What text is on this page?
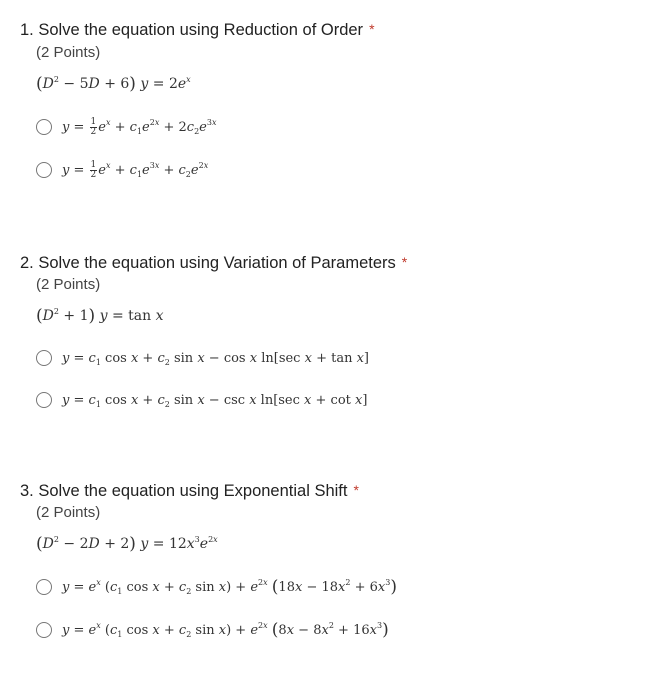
1. Solve the equation using Reduction of Order *
(2 Points)
$(D^2 - 5D + 6) y = 2e^x$
$y = \frac{1}{2} e^x + c_1e^{2x} + 2c_2e^{3x}$
$y = \frac{1}{2} e^x + c_1e^{3x} + c_2e^{2x}$
2. Solve the equation using Variation of Parameters *
(2 Points)
$(D^2 + 1) y = \tan x$
$y = c_1$ $\cos x + c_2$ sin x − cos x ln[sec x + tan x]
$y = c_1$ $\cos x + c_2$ sin x − csc x ln[sec x + cot x]
3. Solve the equation using Exponential Shift *
(2 Points)
$(D^2 - 2D + 2) y = 12x^3e^{2x}$
$y = e^x$ ($c_1$ $\cos x + c_2$ $\sin x) + e^{2x}$ $(18x - 18x^2 + 6x^3)$
$y = e^x$ ($c_1$ $\cos x + c_2$ $\sin x) + e^{2x}$ $(8x - 8x^2 + 16x^3)$
